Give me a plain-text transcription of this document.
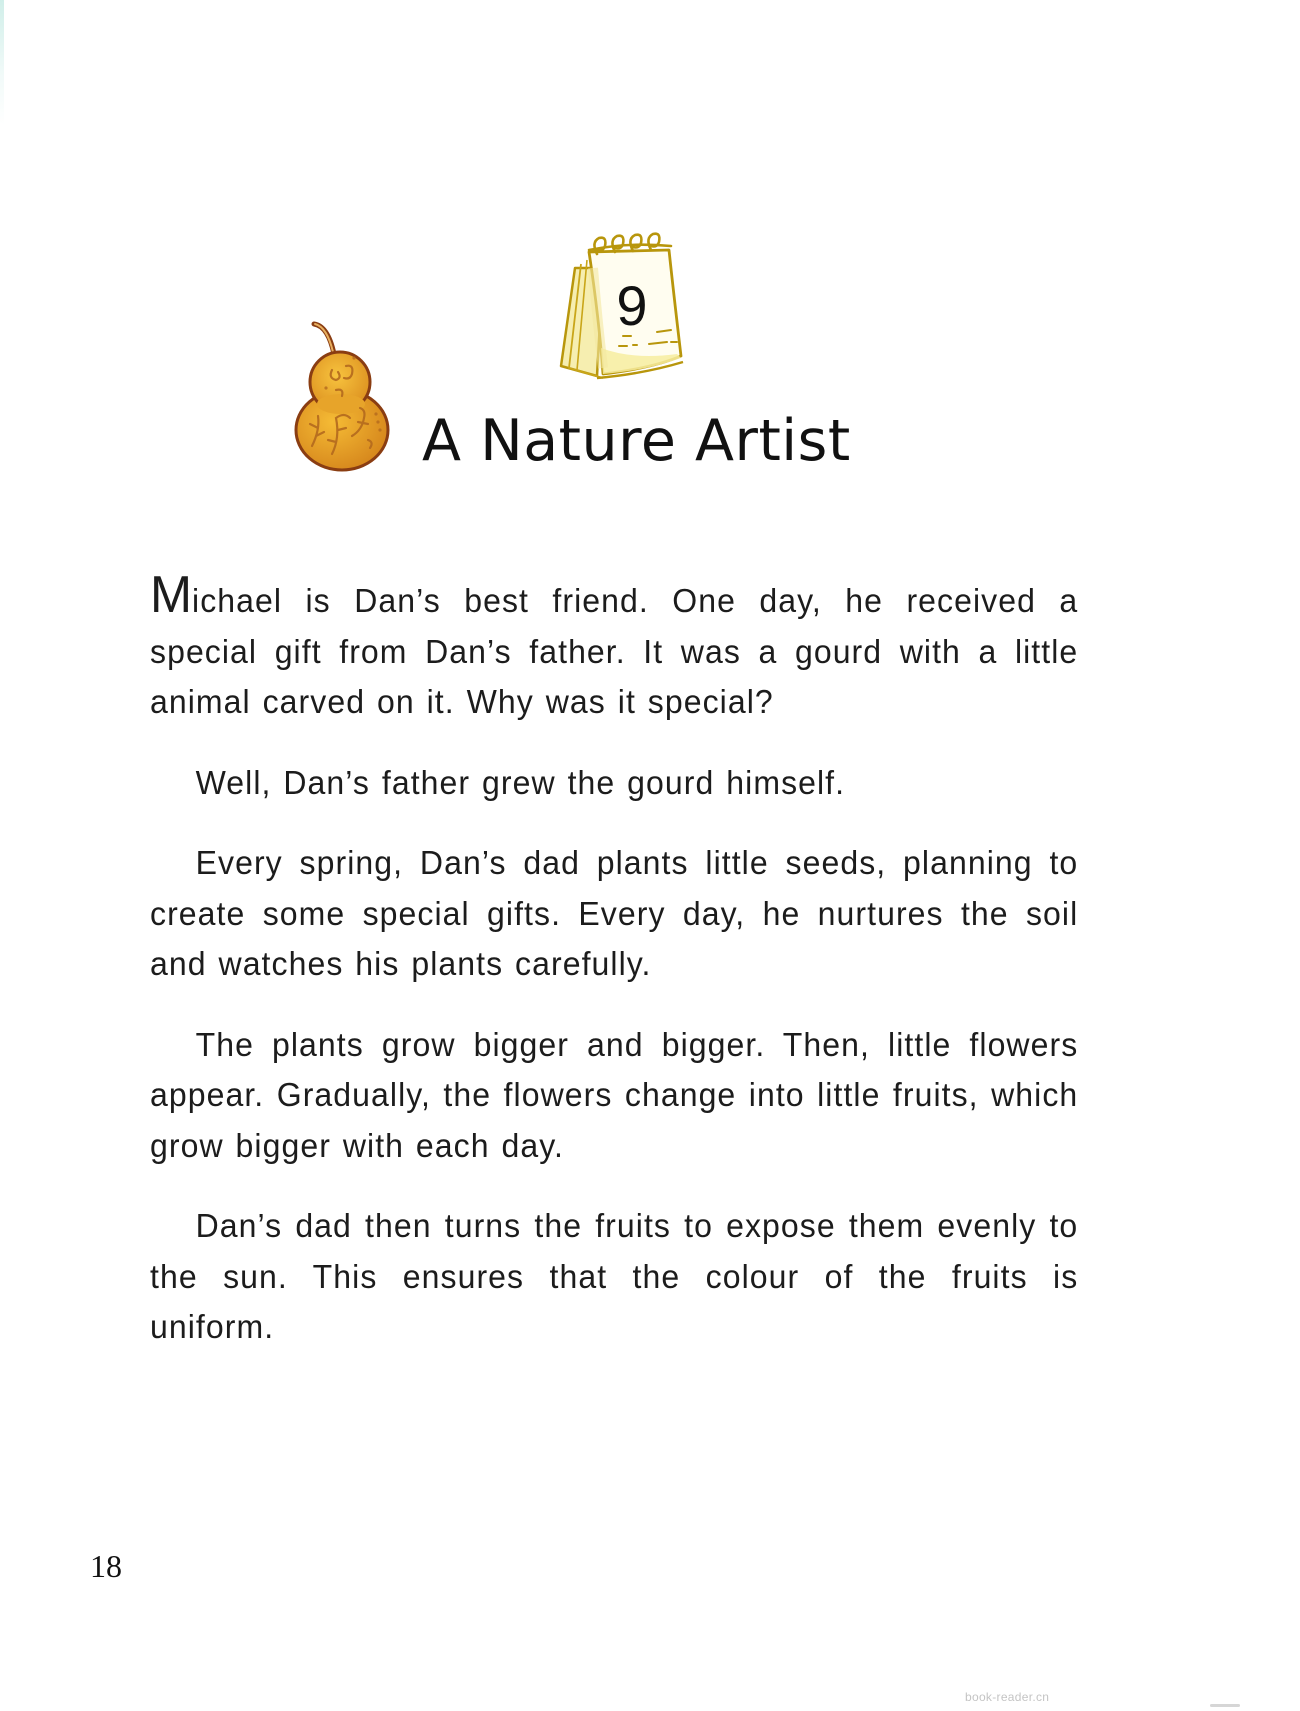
9
A Nature Artist

Michael is Dan’s best friend. One day, he received a special gift from Dan’s father. It was a gourd with a little animal carved on it. Why was it special?

Well, Dan’s father grew the gourd himself.

Every spring, Dan’s dad plants little seeds, planning to create some special gifts. Every day, he nurtures the soil and watches his plants carefully.

The plants grow bigger and bigger. Then, little flowers appear. Gradually, the flowers change into little fruits, which grow bigger with each day.

Dan’s dad then turns the fruits to expose them evenly to the sun. This ensures that the colour of the fruits is uniform.

18
book-reader.cn
